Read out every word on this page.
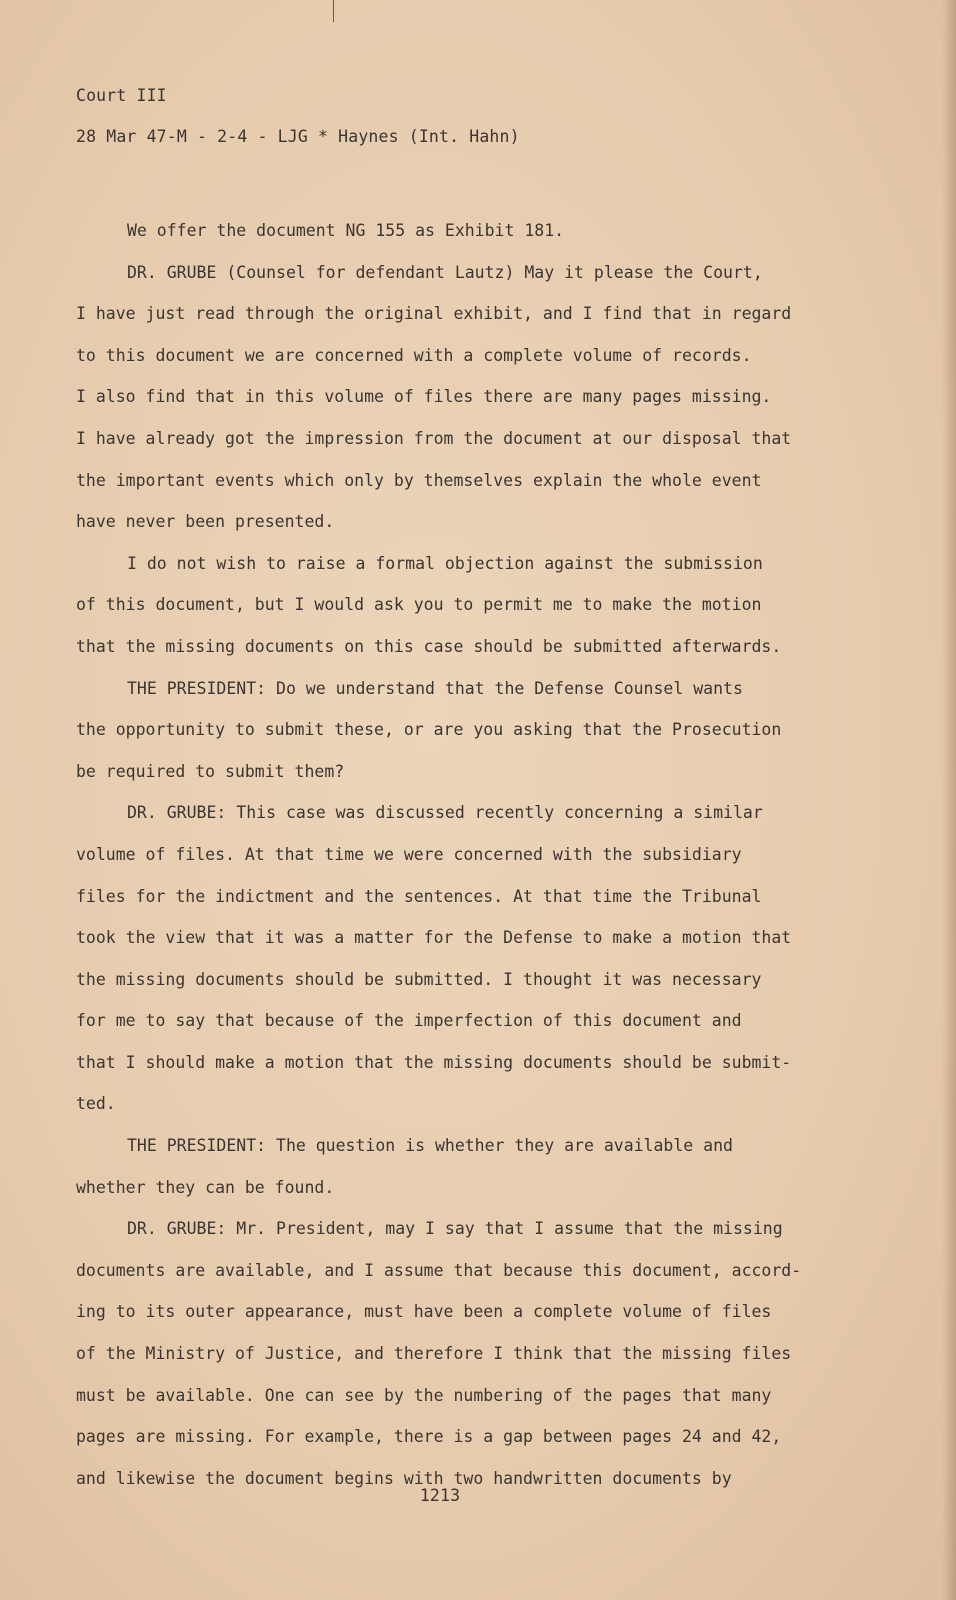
Court III
28 Mar 47-M - 2-4 - LJG * Haynes (Int. Hahn)

We offer the document NG 155 as Exhibit 181.

DR. GRUBE (Counsel for defendant Lautz) May it please the Court,

I have just read through the original exhibit, and I find that in regard

to this document we are concerned with a complete volume of records.

I also find that in this volume of files there are many pages missing.

I have already got the impression from the document at our disposal that

the important events which only by themselves explain the whole event

have never been presented.

I do not wish to raise a formal objection against the submission

of this document, but I would ask you to permit me to make the motion

that the missing documents on this case should be submitted afterwards.

THE PRESIDENT: Do we understand that the Defense Counsel wants

the opportunity to submit these, or are you asking that the Prosecution

be required to submit them?

DR. GRUBE: This case was discussed recently concerning a similar

volume of files. At that time we were concerned with the subsidiary

files for the indictment and the sentences. At that time the Tribunal

took the view that it was a matter for the Defense to make a motion that

the missing documents should be submitted. I thought it was necessary

for me to say that because of the imperfection of this document and

that I should make a motion that the missing documents should be submit-

ted.

THE PRESIDENT: The question is whether they are available and

whether they can be found.

DR. GRUBE: Mr. President, may I say that I assume that the missing

documents are available, and I assume that because this document, accord-

ing to its outer appearance, must have been a complete volume of files

of the Ministry of Justice, and therefore I think that the missing files

must be available. One can see by the numbering of the pages that many

pages are missing. For example, there is a gap between pages 24 and 42,

and likewise the document begins with two handwritten documents by

1213
